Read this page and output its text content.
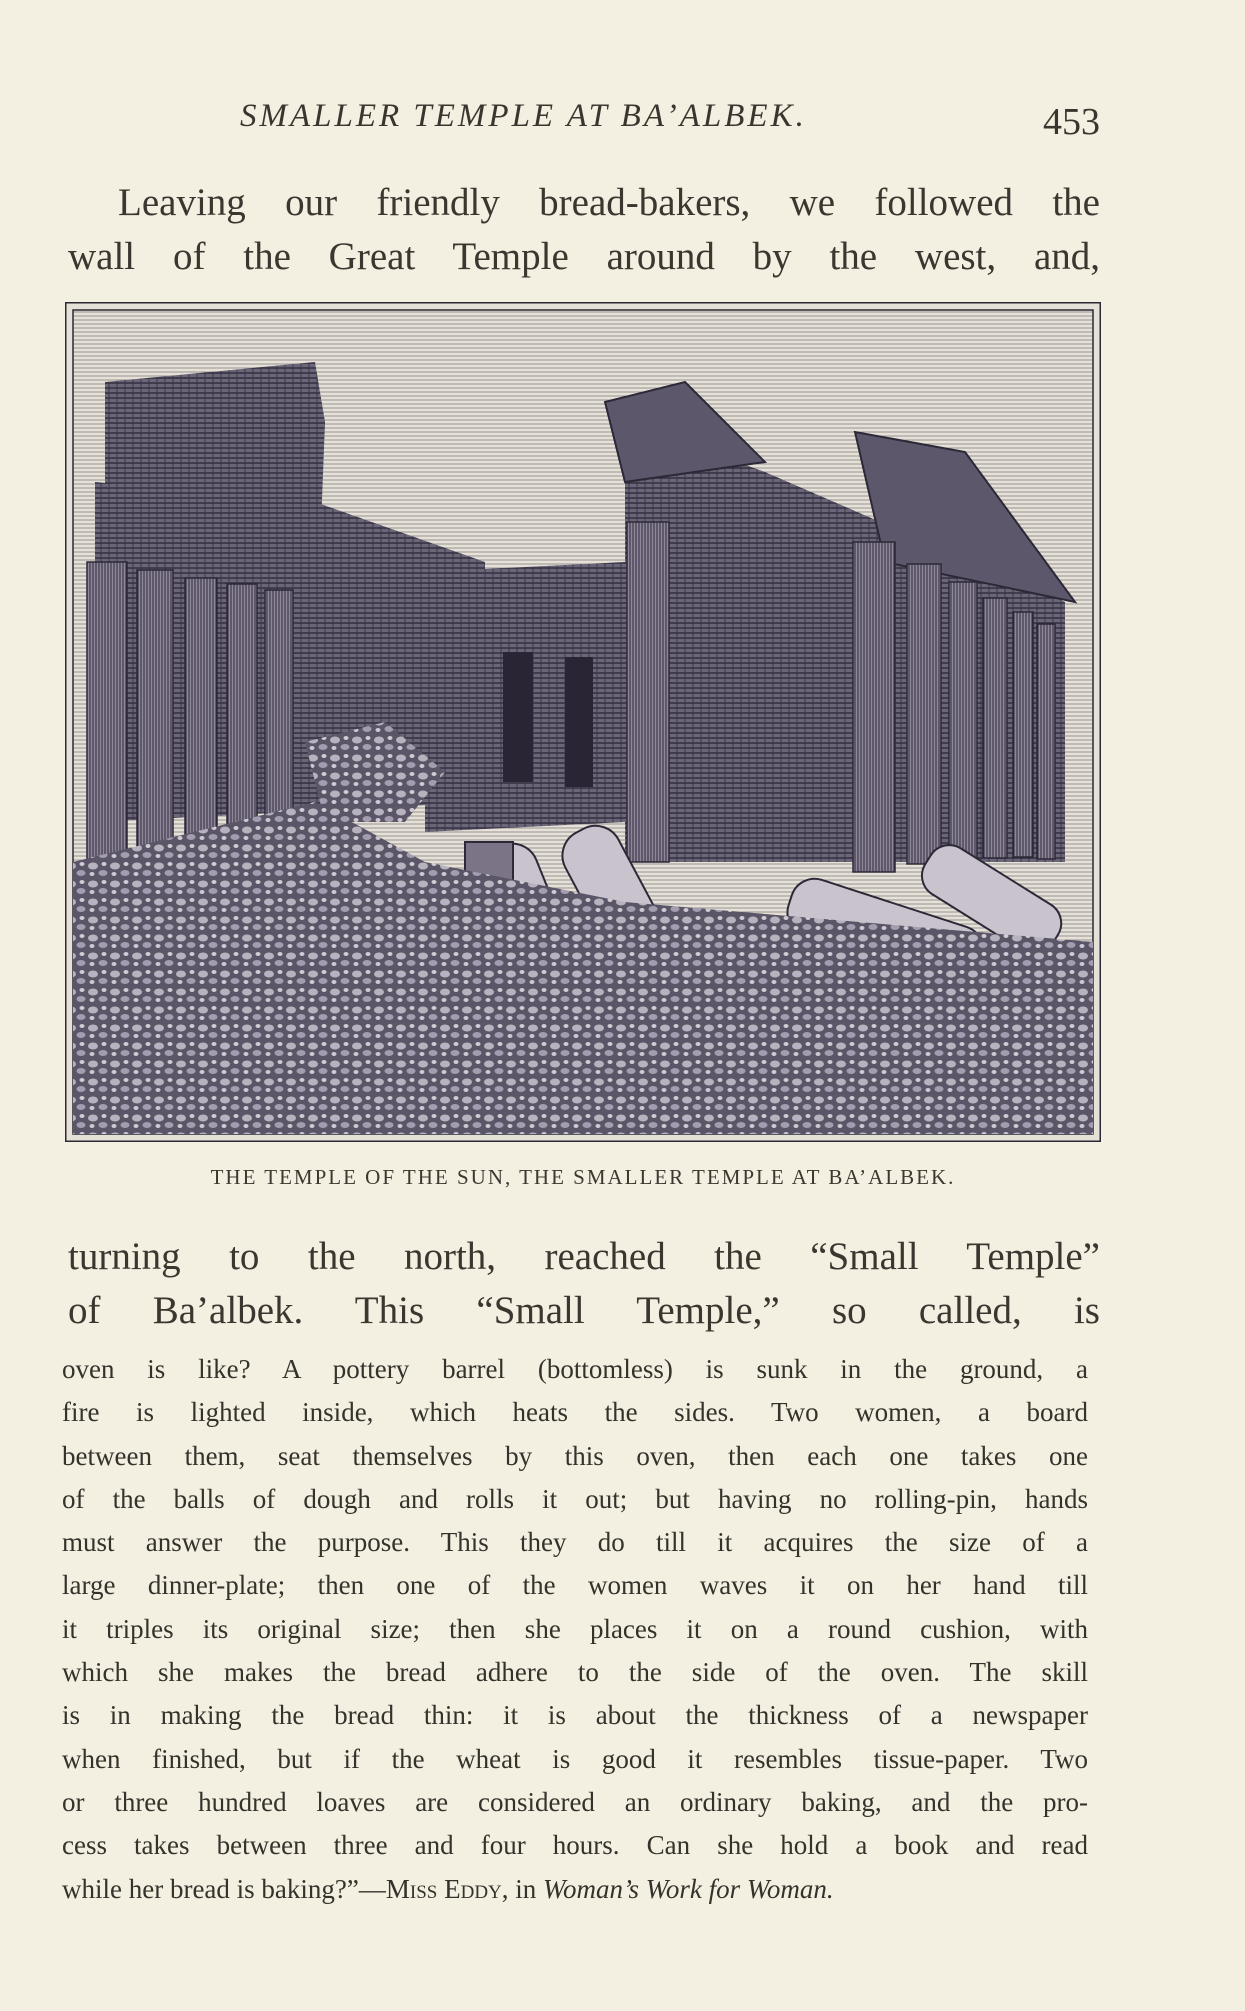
SMALLER TEMPLE AT BA’ALBEK.	453
Leaving our friendly bread-bakers, we followed the
wall of the Great Temple around by the west, and,
THE TEMPLE OF THE SUN, THE SMALLER TEMPLE AT BA’ALBEK.
turning to the north, reached the “Small Temple”
of Ba’albek. This “Small Temple,” so called, is
oven is like? A pottery barrel (bottomless) is sunk in the ground, a
fire is lighted inside, which heats the sides. Two women, a board
between them, seat themselves by this oven, then each one takes one
of the balls of dough and rolls it out; but having no rolling-pin, hands
must answer the purpose. This they do till it acquires the size of a
large dinner-plate; then one of the women waves it on her hand till
it triples its original size; then she places it on a round cushion, with
which she makes the bread adhere to the side of the oven. The skill
is in making the bread thin: it is about the thickness of a newspaper
when finished, but if the wheat is good it resembles tissue-paper. Two
or three hundred loaves are considered an ordinary baking, and the pro-
cess takes between three and four hours. Can she hold a book and read
while her bread is baking?”—Miss Eddy, in Woman’s Work for Woman.
